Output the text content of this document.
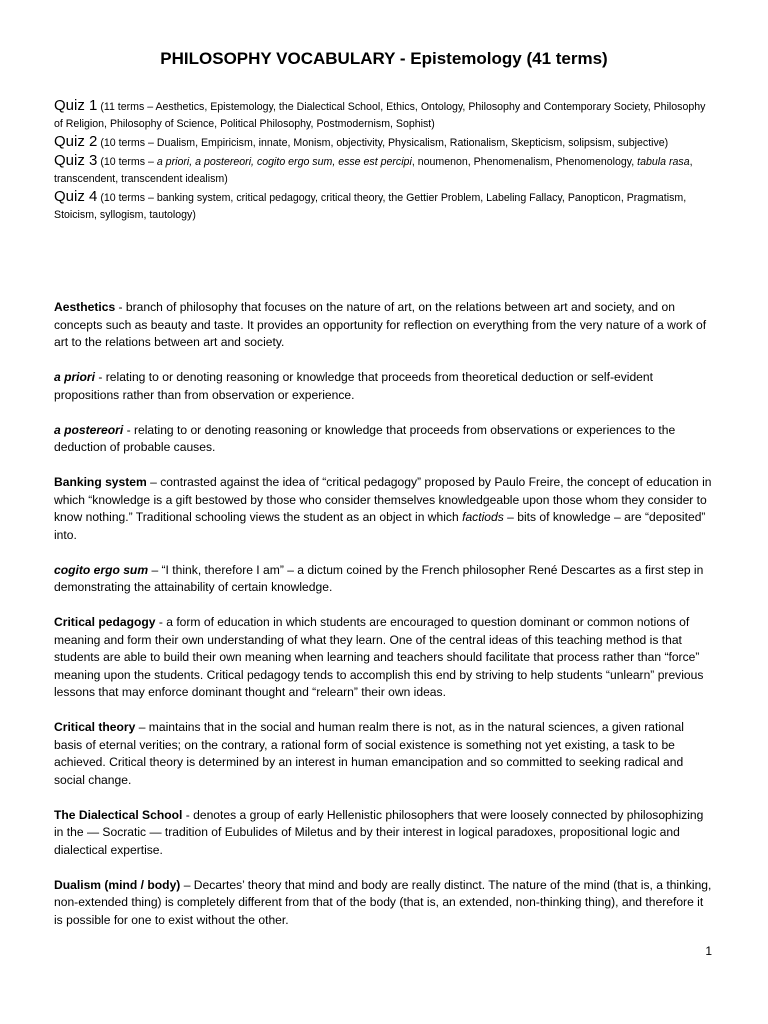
PHILOSOPHY VOCABULARY - Epistemology (41 terms)

Quiz 1 (11 terms – Aesthetics, Epistemology, the Dialectical School, Ethics, Ontology, Philosophy and Contemporary Society, Philosophy of Religion, Philosophy of Science, Political Philosophy, Postmodernism, Sophist)

Quiz 2 (10 terms – Dualism, Empiricism, innate, Monism, objectivity, Physicalism, Rationalism, Skepticism, solipsism, subjective)

Quiz 3 (10 terms – a priori, a postereori, cogito ergo sum, esse est percipi, noumenon, Phenomenalism, Phenomenology, tabula rasa, transcendent, transcendent idealism)

Quiz 4 (10 terms – banking system, critical pedagogy, critical theory, the Gettier Problem, Labeling Fallacy, Panopticon, Pragmatism, Stoicism, syllogism, tautology)

Aesthetics - branch of philosophy that focuses on the nature of art, on the relations between art and society, and on concepts such as beauty and taste. It provides an opportunity for reflection on everything from the very nature of a work of art to the relations between art and society.

a priori - relating to or denoting reasoning or knowledge that proceeds from theoretical deduction or self-evident propositions rather than from observation or experience.

a postereori - relating to or denoting reasoning or knowledge that proceeds from observations or experiences to the deduction of probable causes.

Banking system – contrasted against the idea of “critical pedagogy” proposed by Paulo Freire, the concept of education in which “knowledge is a gift bestowed by those who consider themselves knowledgeable upon those whom they consider to know nothing.” Traditional schooling views the student as an object in which factiods – bits of knowledge – are “deposited” into.

cogito ergo sum – “I think, therefore I am” – a dictum coined by the French philosopher René Descartes as a first step in demonstrating the attainability of certain knowledge.

Critical pedagogy - a form of education in which students are encouraged to question dominant or common notions of meaning and form their own understanding of what they learn. One of the central ideas of this teaching method is that students are able to build their own meaning when learning and teachers should facilitate that process rather than “force” meaning upon the students. Critical pedagogy tends to accomplish this end by striving to help students “unlearn” previous lessons that may enforce dominant thought and “relearn” their own ideas.

Critical theory – maintains that in the social and human realm there is not, as in the natural sciences, a given rational basis of eternal verities; on the contrary, a rational form of social existence is something not yet existing, a task to be achieved. Critical theory is determined by an interest in human emancipation and so committed to seeking radical and social change.

The Dialectical School - denotes a group of early Hellenistic philosophers that were loosely connected by philosophizing in the — Socratic — tradition of Eubulides of Miletus and by their interest in logical paradoxes, propositional logic and dialectical expertise.

Dualism (mind / body) – Decartes’ theory that mind and body are really distinct. The nature of the mind (that is, a thinking, non-extended thing) is completely different from that of the body (that is, an extended, non-thinking thing), and therefore it is possible for one to exist without the other.

1
